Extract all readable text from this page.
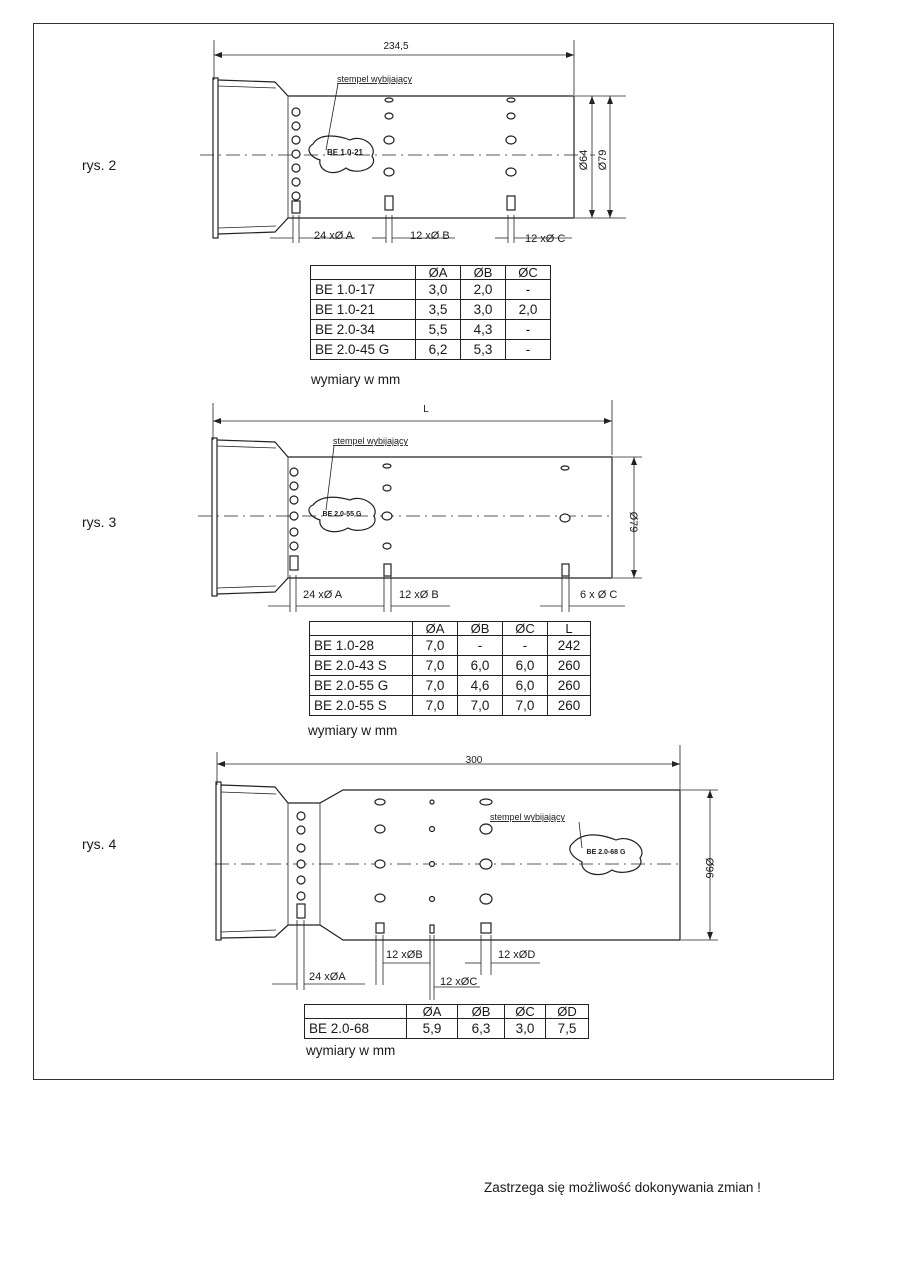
rys. 2
234,5
BE 1.0-21
stempel wybijający
Ø64 Ø79
24 xØ A	12 xØ B	12 xØ C
	ØA	ØB	ØC
BE 1.0-17	3,0	2,0	-
BE 1.0-21	3,5	3,0	2,0
BE 2.0-34	5,5	4,3	-
BE 2.0-45 G	6,2	5,3	-
wymiary w mm
rys. 3
L
BE 2.0-55 G
stempel wybijający
Ø79
24 xØ A	12 xØ B	6 x Ø C
	ØA	ØB	ØC	L
BE 1.0-28	7,0	-	-	242
BE 2.0-43 S	7,0	6,0	6,0	260
BE 2.0-55 G	7,0	4,6	6,0	260
BE 2.0-55 S	7,0	7,0	7,0	260
wymiary w mm
rys. 4
300
BE 2.0-68 G
stempel wybijający
Ø96
24 xØA
12 xØB
12 xØC
12 xØD
	ØA	ØB	ØC	ØD
BE 2.0-68	5,9	6,3	3,0	7,5
wymiary w mm
Zastrzega się możliwość dokonywania zmian !
